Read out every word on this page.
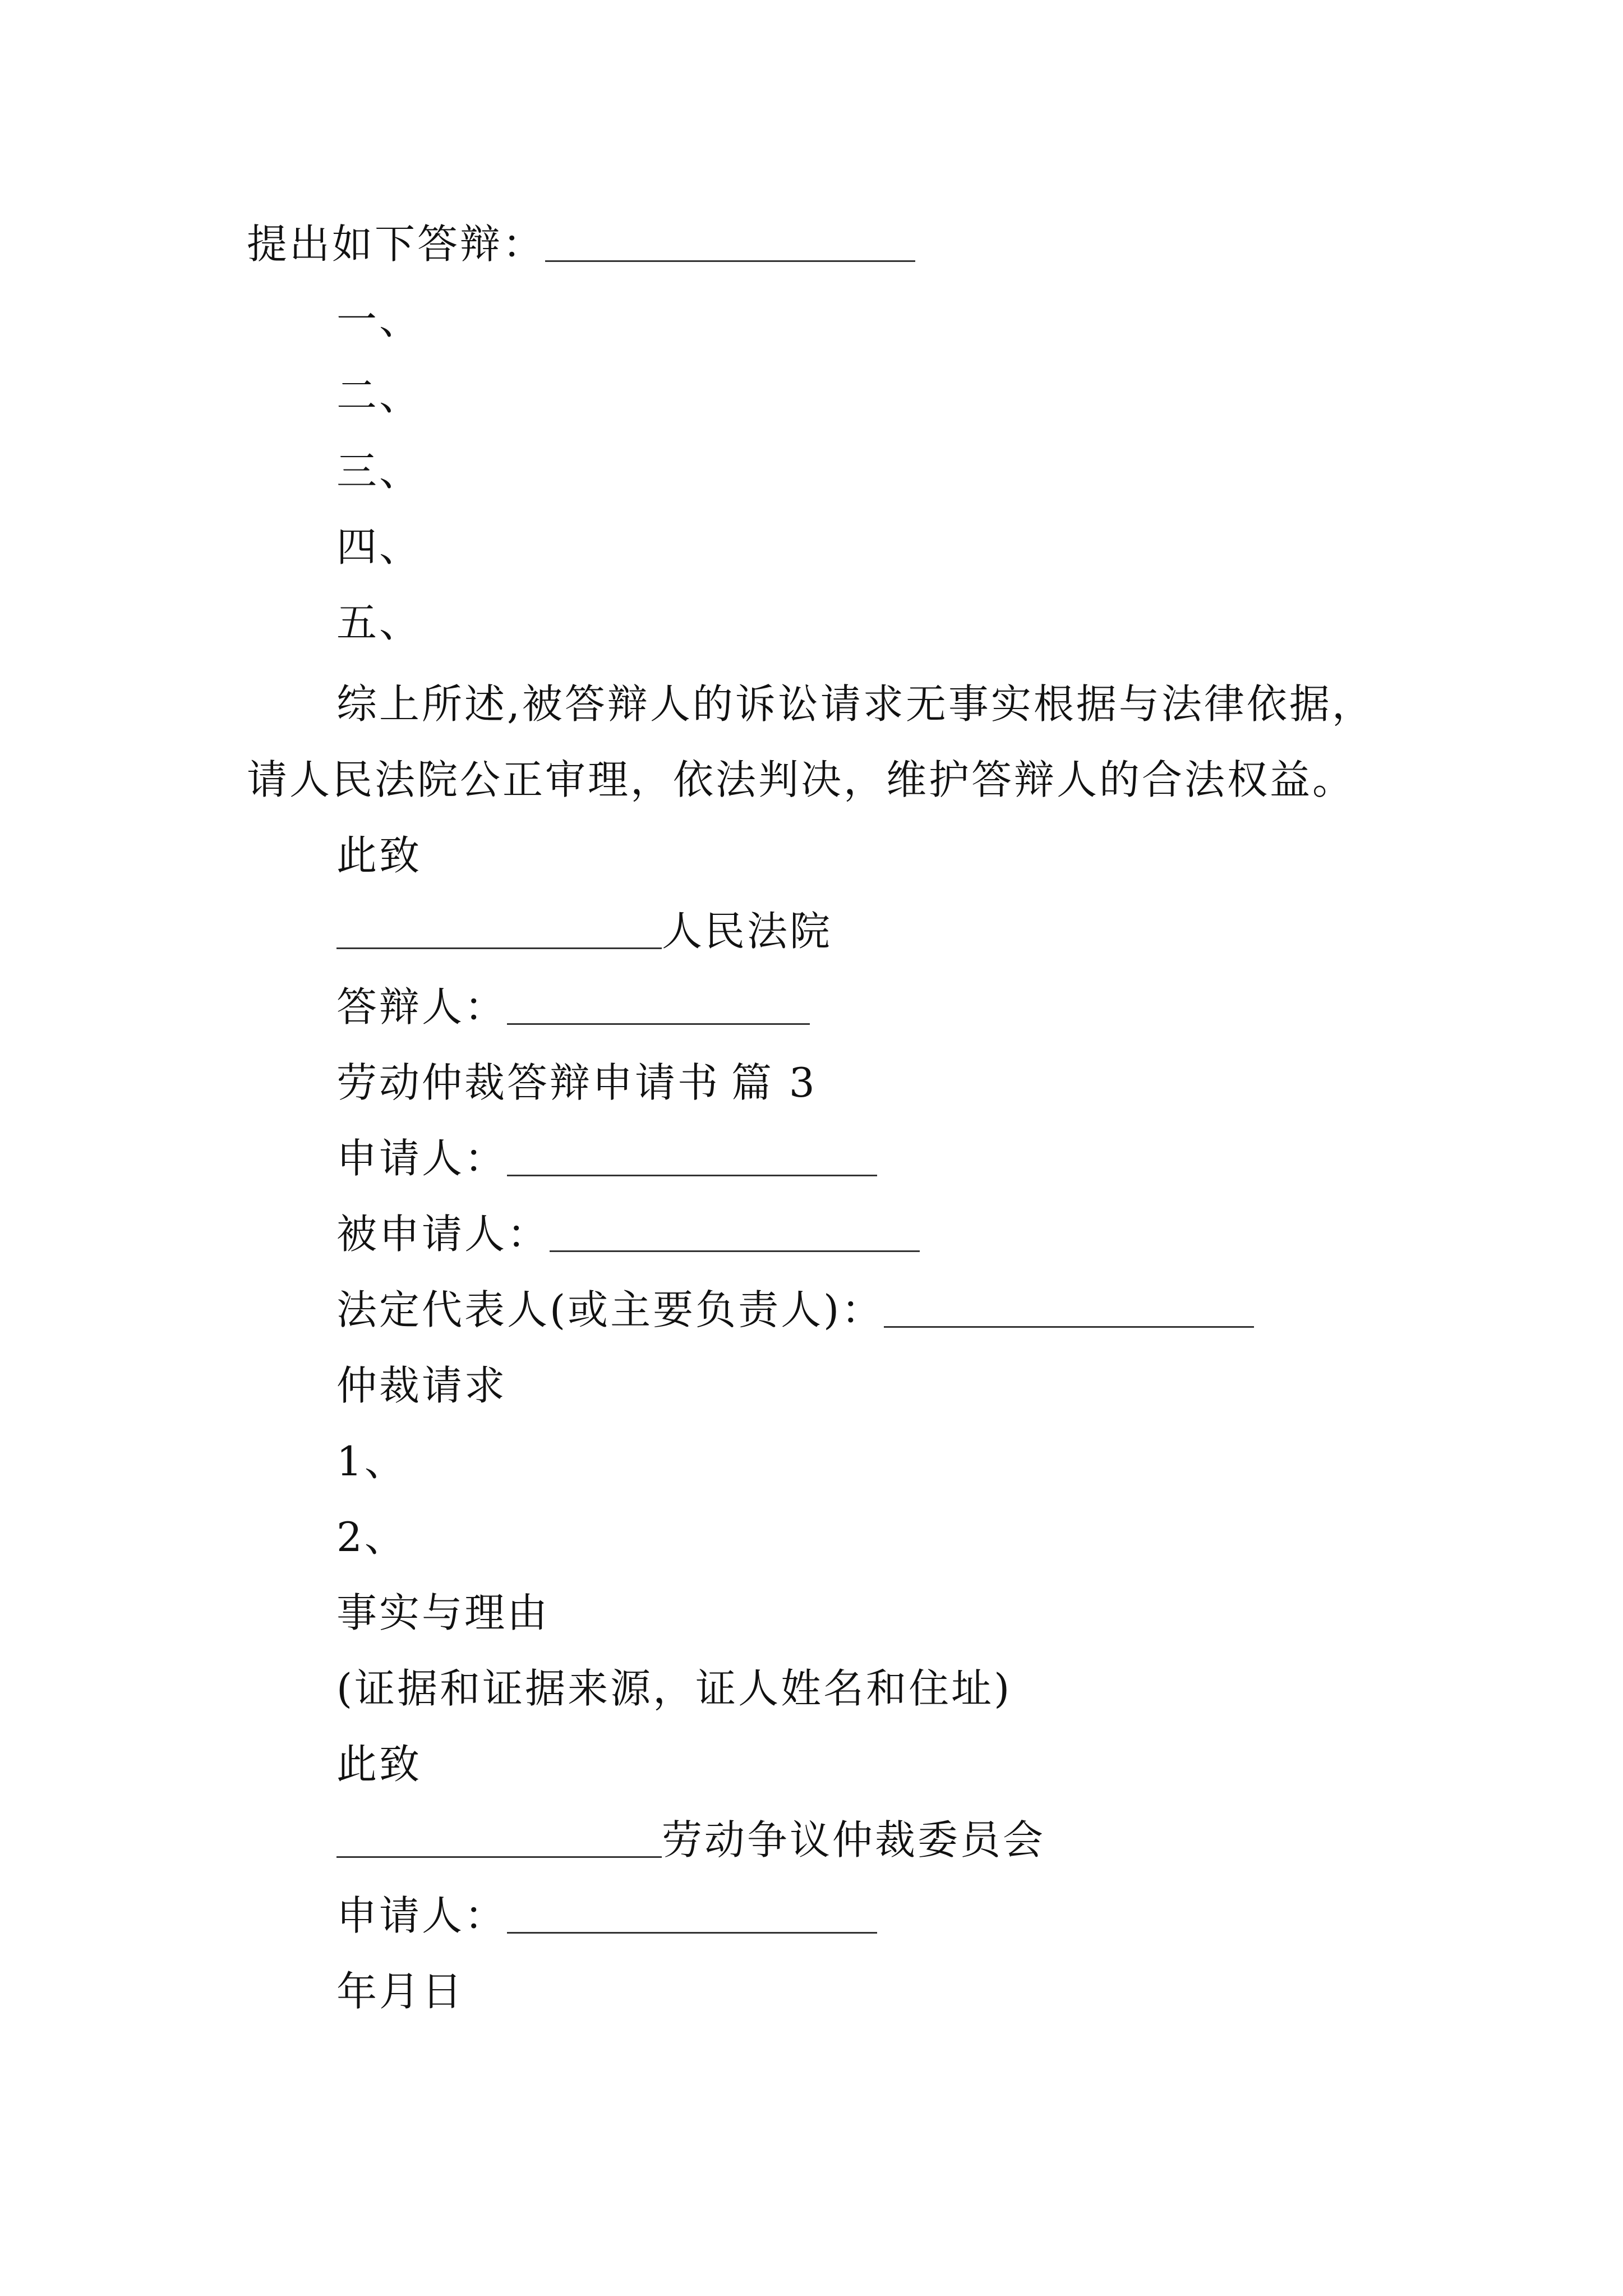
提出如下答辩：
一、
二、
三、
四、
五、
综上所述,被答辩人的诉讼请求无事实根据与法律依据，
请人民法院公正审理，依法判决，维护答辩人的合法权益。
此致
人民法院
答辩人：
劳动仲裁答辩申请书 篇 3
申请人：
被申请人：
法定代表人(或主要负责人)：
仲裁请求
1、
2、
事实与理由
(证据和证据来源，证人姓名和住址)
此致
劳动争议仲裁委员会
申请人：
年月日
